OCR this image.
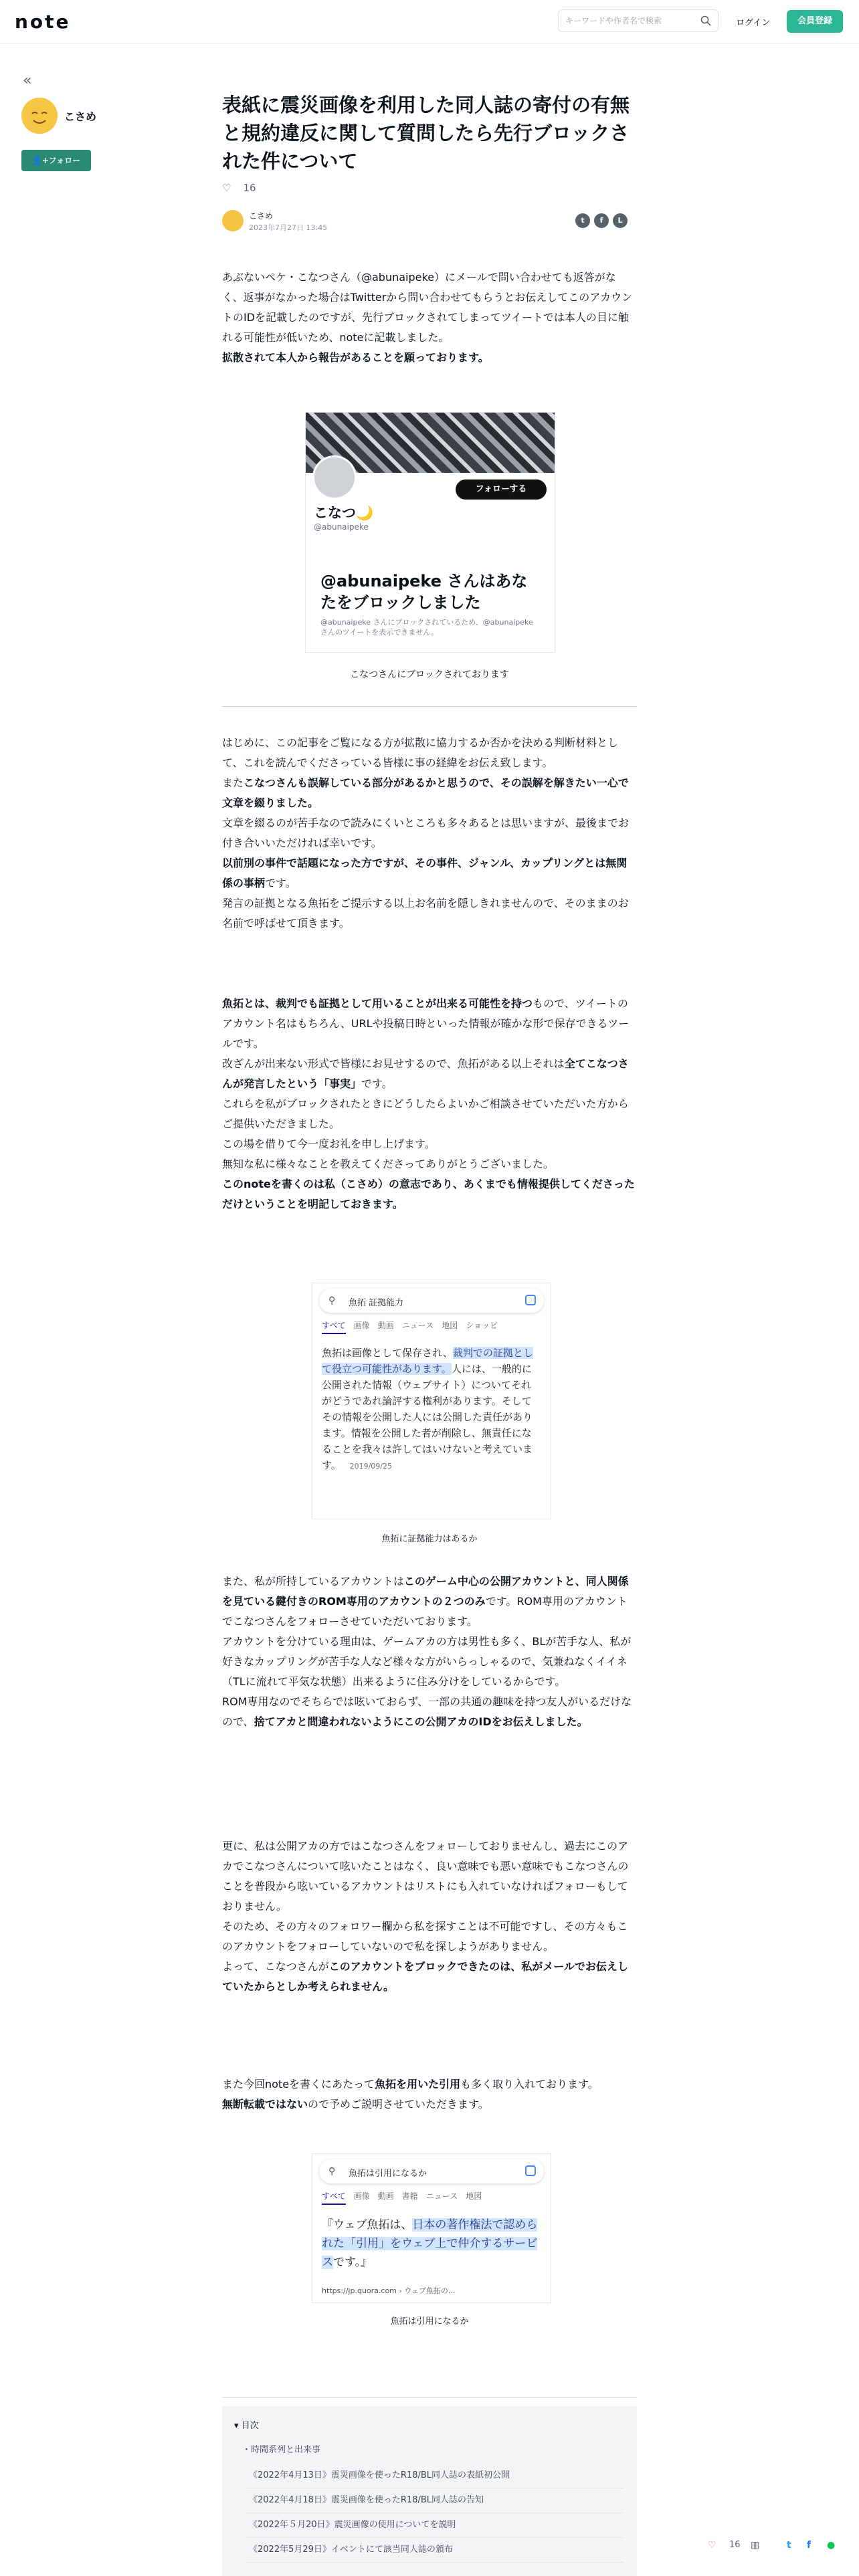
note
キーワードや作者名で検索	ログイン	会員登録
«
こさめ
👤+フォロー
表紙に震災画像を利用した同人誌の寄付の有無と規約違反に関して質問したら先行ブロックされた件について
♡ 16
こさめ
2023年7月27日 13:45
t f L

あぶないペケ・こなつさん（@abunaipeke）にメールで問い合わせても返答がなく、返事がなかった場合はTwitterから問い合わせてもらうとお伝えしてこのアカウントのIDを記載したのですが、先行ブロックされてしまってツイートでは本人の目に触れる可能性が低いため、noteに記載しました。

拡散されて本人から報告があることを願っております。

フォローする
こなつ🌙
@abunaipeke
@abunaipeke さんはあなたをブロックしました
@abunaipeke さんにブロックされているため、@abunaipeke さんのツイートを表示できません。
こなつさんにブロックされております

はじめに、この記事をご覧になる方が拡散に協力するか否かを決める判断材料として、これを読んでくださっている皆様に事の経緯をお伝え致します。

またこなつさんも誤解している部分があるかと思うので、その誤解を解きたい一心で文章を綴りました。

文章を綴るのが苦手なので読みにくいところも多々あるとは思いますが、最後までお付き合いいただければ幸いです。

以前別の事件で話題になった方ですが、その事件、ジャンル、カップリングとは無関係の事柄です。

発言の証拠となる魚拓をご提示する以上お名前を隠しきれませんので、そのままのお名前で呼ばせて頂きます。

魚拓とは、裁判でも証拠として用いることが出来る可能性を持つもので、ツイートのアカウント名はもちろん、URLや投稿日時といった情報が確かな形で保存できるツールです。

改ざんが出来ない形式で皆様にお見せするので、魚拓がある以上それは全てこなつさんが発言したという「事実」です。

これらを私がブロックされたときにどうしたらよいかご相談させていただいた方からご提供いただきました。

この場を借りて今一度お礼を申し上げます。

無知な私に様々なことを教えてくださってありがとうございました。

このnoteを書くのは私（こさめ）の意志であり、あくまでも情報提供してくださっただけということを明記しておきます。

⚲ 魚拓 証拠能力
すべて 画像 動画 ニュース 地図 ショッピ
魚拓は画像として保存され、裁判での証拠として役立つ可能性があります。人には、一般的に公開された情報（ウェブサイト）についてそれがどうであれ論評する権利があります。そしてその情報を公開した人には公開した責任があります。情報を公開した者が削除し、無責任になることを我々は許してはいけないと考えています。 2019/09/25
魚拓に証拠能力はあるか

また、私が所持しているアカウントはこのゲーム中心の公開アカウントと、同人関係を見ている鍵付きのROM専用のアカウントの２つのみです。ROM専用のアカウントでこなつさんをフォローさせていただいております。

アカウントを分けている理由は、ゲームアカの方は男性も多く、BLが苦手な人、私が好きなカップリングが苦手な人など様々な方がいらっしゃるので、気兼ねなくイイネ（TLに流れて平気な状態）出来るように住み分けをしているからです。

ROM専用なのでそちらでは呟いておらず、一部の共通の趣味を持つ友人がいるだけなので、捨てアカと間違われないようにこの公開アカのIDをお伝えしました。

更に、私は公開アカの方ではこなつさんをフォローしておりませんし、過去にこのアカでこなつさんについて呟いたことはなく、良い意味でも悪い意味でもこなつさんのことを普段から呟いているアカウントはリストにも入れていなければフォローもしておりません。

そのため、その方々のフォロワー欄から私を探すことは不可能ですし、その方々もこのアカウントをフォローしていないので私を探しようがありません。

よって、こなつさんがこのアカウントをブロックできたのは、私がメールでお伝えしていたからとしか考えられません。

また今回noteを書くにあたって魚拓を用いた引用も多く取り入れております。

無断転載ではないので予めご説明させていただきます。

⚲ 魚拓は引用になるか
すべて 画像 動画 書籍 ニュース 地図
『ウェブ魚拓は、日本の著作権法で認められた「引用」をウェブ上で仲介するサービスです。』
https://jp.quora.com › ウェブ魚拓の...
魚拓は引用になるか
▾ 目次
・時間系列と出来事
《2022年4月13日》震災画像を使ったR18/BL同人誌の表紙初公開
《2022年4月18日》震災画像を使ったR18/BL同人誌の告知
《2022年５月20日》震災画像の使用についてを説明
《2022年5月29日》イベントにて該当同人誌の頒布	♡ 16 ▥	t f ●
